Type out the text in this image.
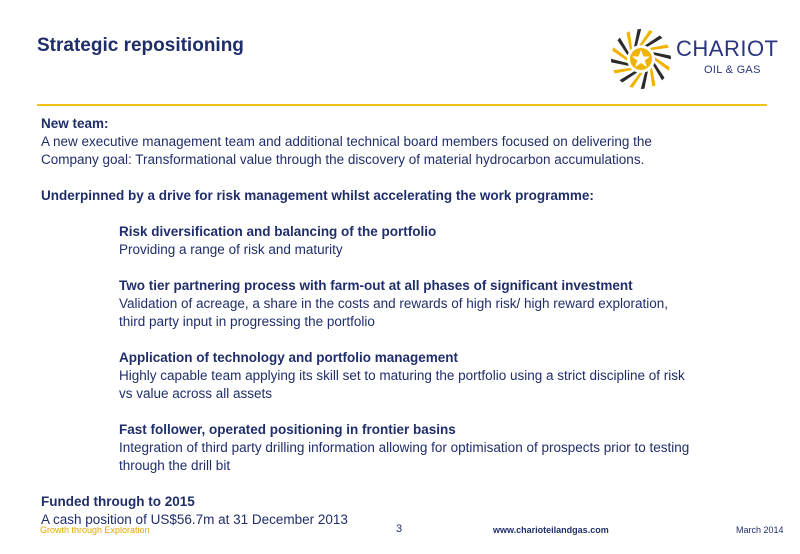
Strategic repositioning	CHARIOT
OIL & GAS

New team:

A new executive management team and additional technical board members focused on delivering the

Company goal: Transformational value through the discovery of material hydrocarbon accumulations.

Underpinned by a drive for risk management whilst accelerating the work programme:

Risk diversification and balancing of the portfolio

Providing a range of risk and maturity

Two tier partnering process with farm-out at all phases of significant investment

Validation of acreage, a share in the costs and rewards of high risk/ high reward exploration,

third party input in progressing the portfolio

Application of technology and portfolio management

Highly capable team applying its skill set to maturing the portfolio using a strict discipline of risk

vs value across all assets

Fast follower, operated positioning in frontier basins

Integration of third party drilling information allowing for optimisation of prospects prior to testing

through the drill bit

Funded through to 2015

A cash position of US$56.7m at 31 December 2013

Growth through Exploration	3	www.charioteilandgas.com	March 2014
